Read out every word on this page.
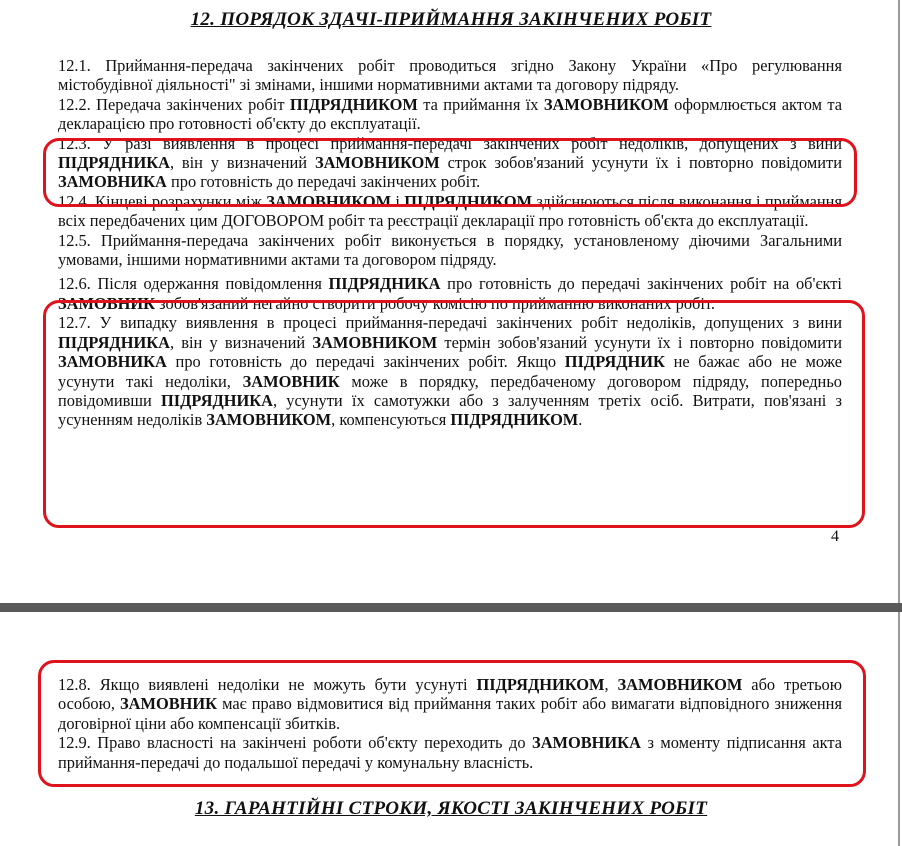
12. ПОРЯДОК ЗДАЧІ-ПРИЙМАННЯ ЗАКІНЧЕНИХ РОБІТ

12.1. Приймання-передача закінчених робіт проводиться згідно Закону України «Про регулювання містобудівної діяльності" зі змінами, іншими нормативними актами та договору підряду.

12.2. Передача закінчених робіт ПІДРЯДНИКОМ та приймання їх ЗАМОВНИКОМ оформлюється актом та декларацією про готовності об'єкту до експлуатації.

12.3. У разі виявлення в процесі приймання-передачі закінчених робіт недоліків, допущених з вини ПІДРЯДНИКА, він у визначений ЗАМОВНИКОМ строк зобов'язаний усунути їх і повторно повідомити ЗАМОВНИКА про готовність до передачі закінчених робіт.

12.4. Кінцеві розрахунки між ЗАМОВНИКОМ і ПІДРЯДНИКОМ здійснюються після виконання і приймання всіх передбачених цим ДОГОВОРОМ робіт та реєстрації декларації про готовність об'єкта до експлуатації.

12.5. Приймання-передача закінчених робіт виконується в порядку, установленому діючими Загальними умовами, іншими нормативними актами та договором підряду.

12.6. Після одержання повідомлення ПІДРЯДНИКА про готовність до передачі закінчених робіт на об'єкті ЗАМОВНИК зобов'язаний негайно створити робочу комісію по прийманню виконаних робіт.

12.7. У випадку виявлення в процесі приймання-передачі закінчених робіт недоліків, допущених з вини ПІДРЯДНИКА, він у визначений ЗАМОВНИКОМ термін зобов'язаний усунути їх і повторно повідомити ЗАМОВНИКА про готовність до передачі закінчених робіт. Якщо ПІДРЯДНИК не бажає або не може усунути такі недоліки, ЗАМОВНИК може в порядку, передбаченому договором підряду, попередньо повідомивши ПІДРЯДНИКА, усунути їх самотужки або з залученням третіх осіб. Витрати, пов'язані з усуненням недоліків ЗАМОВНИКОМ, компенсуються ПІДРЯДНИКОМ.

4

12.8. Якщо виявлені недоліки не можуть бути усунуті ПІДРЯДНИКОМ, ЗАМОВНИКОМ або третьою особою, ЗАМОВНИК має право відмовитися від приймання таких робіт або вимагати відповідного зниження договірної ціни або компенсації збитків.

12.9. Право власності на закінчені роботи об'єкту переходить до ЗАМОВНИКА з моменту підписання акта приймання-передачі до подальшої передачі у комунальну власність.

13. ГАРАНТІЙНІ СТРОКИ, ЯКОСТІ ЗАКІНЧЕНИХ РОБІТ
